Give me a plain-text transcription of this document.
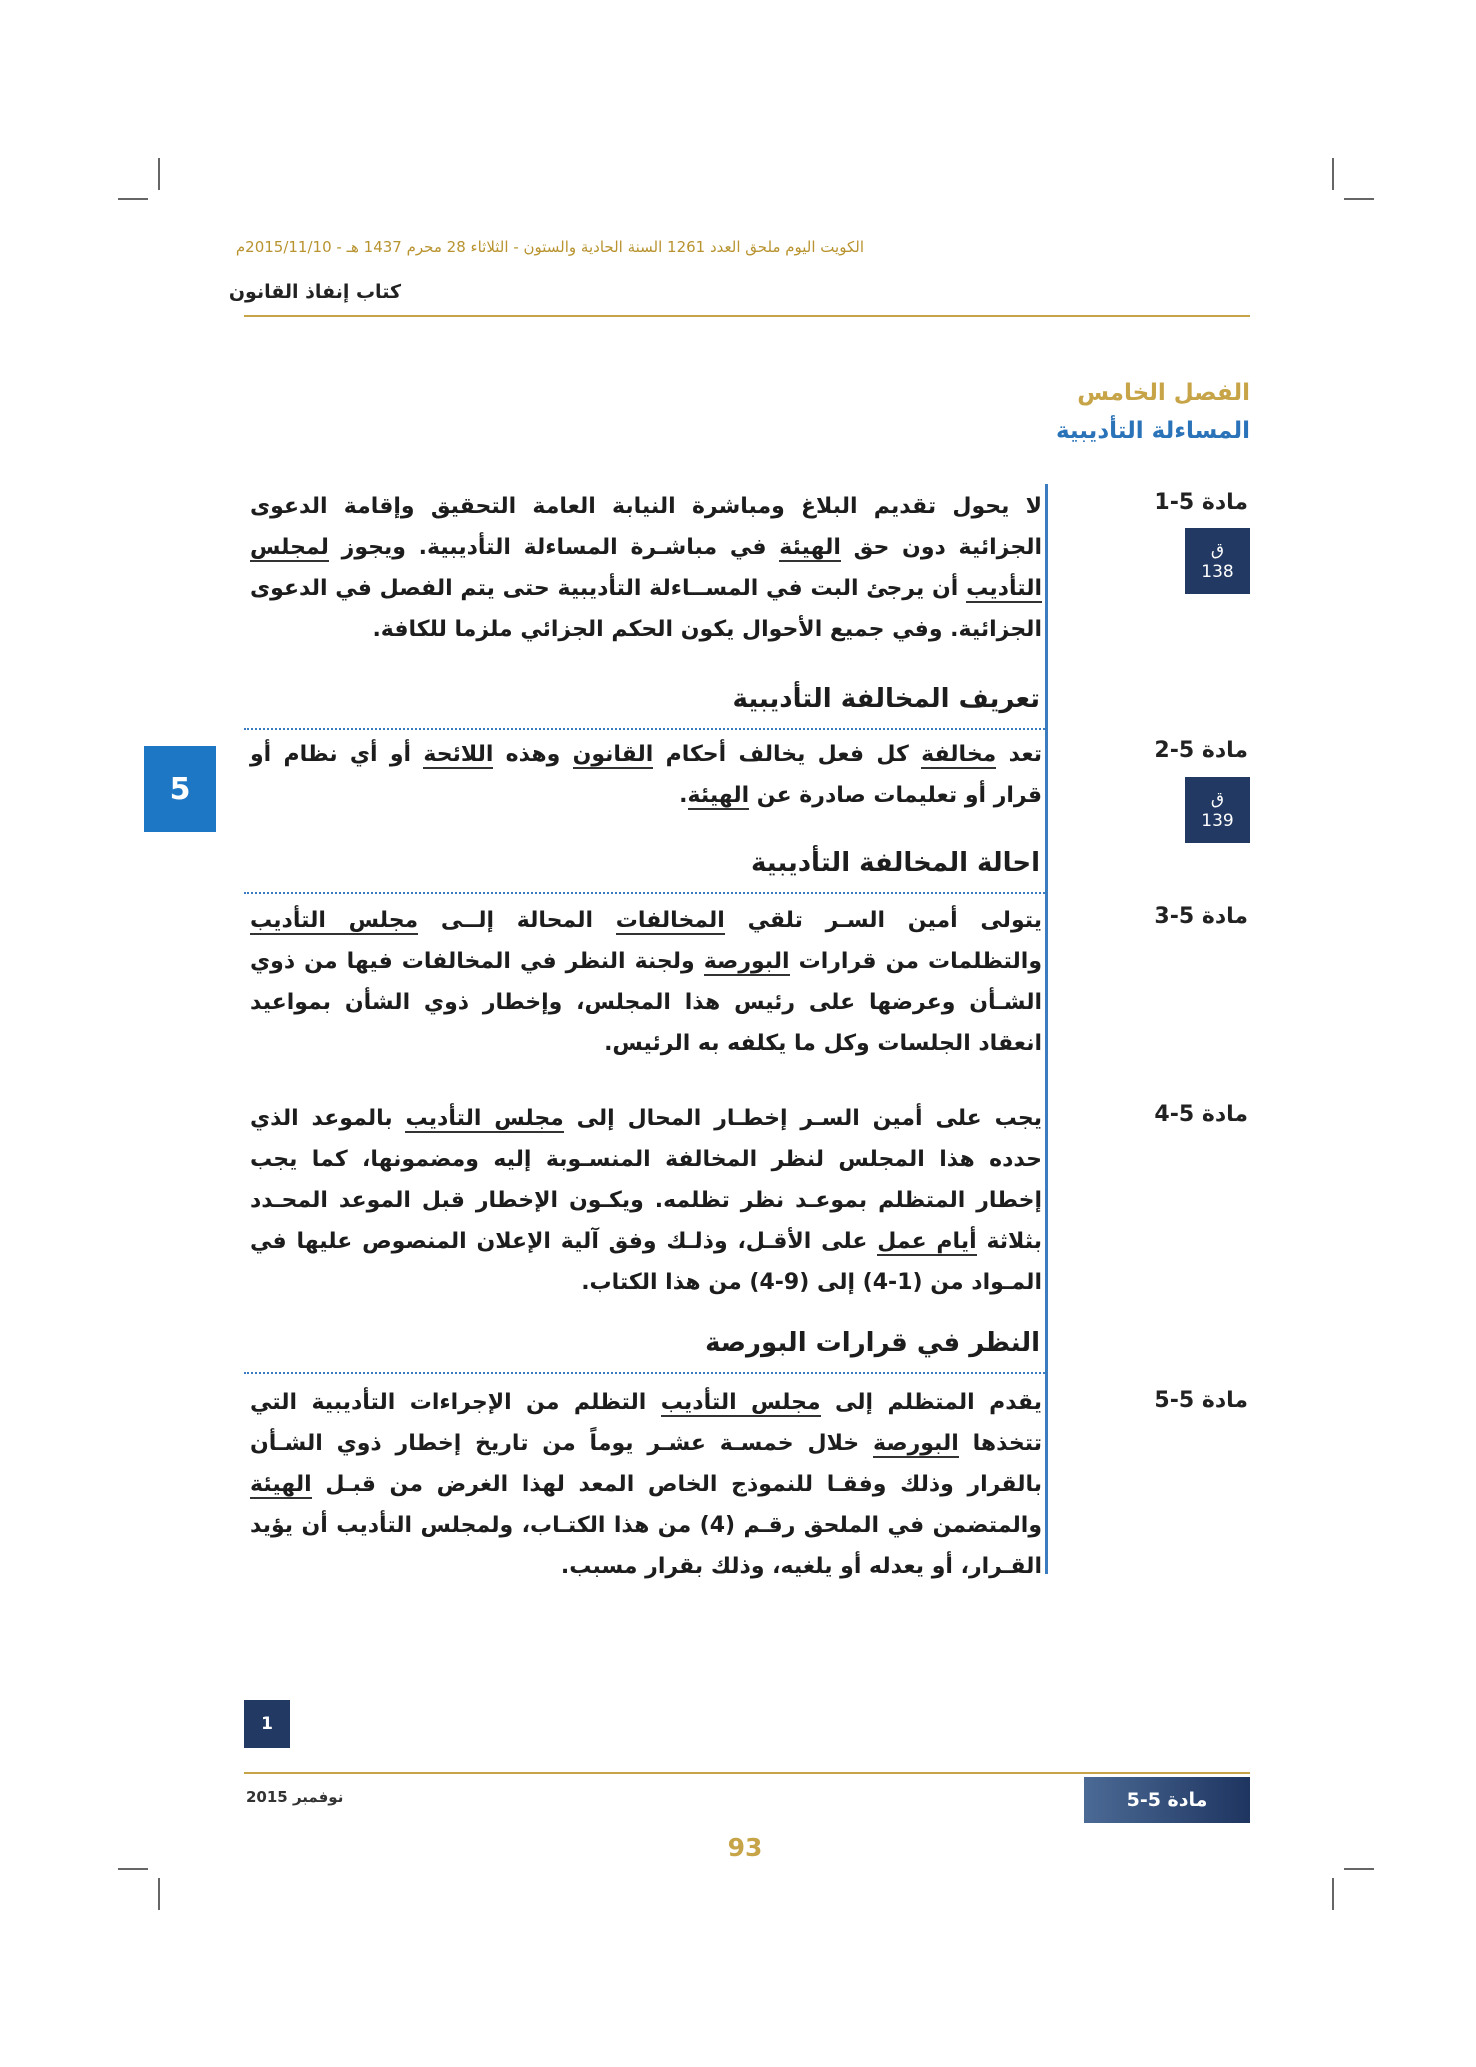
الكويت اليوم ملحق العدد 1261 السنة الحادية والستون - الثلاثاء 28 محرم 1437 هـ - 2015/11/10م
كتاب إنفاذ القانون
الفصل الخامس
المساءلة التأديبية
5
مادة 5-1
ق
138
لا يحول تقديم البلاغ ومباشرة النيابة العامة التحقيق وإقامة الدعوى الجزائية دون حق الهيئة في مباشـرة المساءلة التأديبية. ويجوز لمجلس التأديب أن يرجئ البت في المســاءلة التأديبية حتى يتم الفصل في الدعوى الجزائية. وفي جميع الأحوال يكون الحكم الجزائي ملزما للكافة.
تعريف المخالفة التأديبية
مادة 5-2
ق
139
تعد مخالفة كل فعل يخالف أحكام القانون وهذه اللائحة أو أي نظام أو قرار أو تعليمات صادرة عن الهيئة.
احالة المخالفة التأديبية
مادة 5-3
يتولى أمين السـر تلقي المخالفات المحالة إلــى مجلس التأديب والتظلمات من قرارات البورصة ولجنة النظر في المخالفات فيها من ذوي الشـأن وعرضها على رئيس هذا المجلس، وإخطار ذوي الشأن بمواعيد انعقاد الجلسات وكل ما يكلفه به الرئيس.
مادة 5-4
يجب على أمين السـر إخطـار المحال إلى مجلس التأديب بالموعد الذي حدده هذا المجلس لنظر المخالفة المنسـوبة إليه ومضمونها، كما يجب إخطار المتظلم بموعـد نظر تظلمه. ويكـون الإخطار قبل الموعد المحـدد بثلاثة أيام عمل على الأقـل، وذلـك وفق آلية الإعلان المنصوص عليها في المـواد من (1-4) إلى (9-4) من هذا الكتاب.
النظر في قرارات البورصة
مادة 5-5
يقدم المتظلم إلى مجلس التأديب التظلم من الإجراءات التأديبية التي تتخذها البورصة خلال خمسـة عشـر يوماً من تاريخ إخطار ذوي الشـأن بالقرار وذلك وفقـا للنموذج الخاص المعد لهذا الغرض من قبـل الهيئة والمتضمن في الملحق رقـم (4) من هذا الكتـاب، ولمجلس التأديب أن يؤيد القـرار، أو يعدله أو يلغيه، وذلك بقرار مسبب.
1
نوفمبر 2015	مادة 5-5
93
